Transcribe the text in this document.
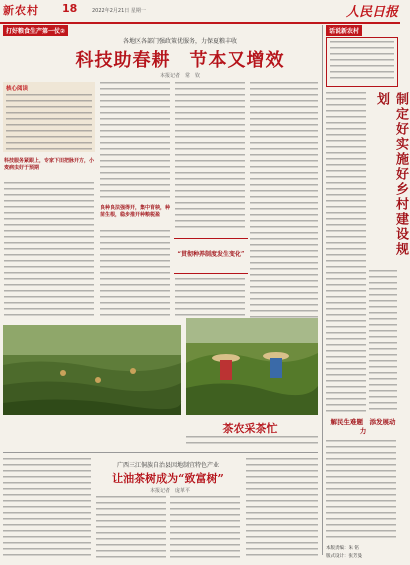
新农村 18	2022年2月21日 星期一	人民日报
打好粮食生产第一仗②
各地区各部门强政策优服务，力保夏粮丰收
科技助春耕　节本又增效
本报记者　常　钦
核心阅读
科技服务紧跟上，专家下田把脉开方，小麦病虫好于预期
良种良法强得开，集中育秧，种苗生根，稳步推开种粮税盈
“贯彻种养制度发生变化”
茶农采茶忙
广西三江侗族自治县因地制宜特色产业
让油茶树成为“致富树”
本报记者　庞革平
话说新农村
制定好实施好乡村建设规划
解民生难题　添发展动力
本版责编：朱 铭
版式设计：张芳曼
